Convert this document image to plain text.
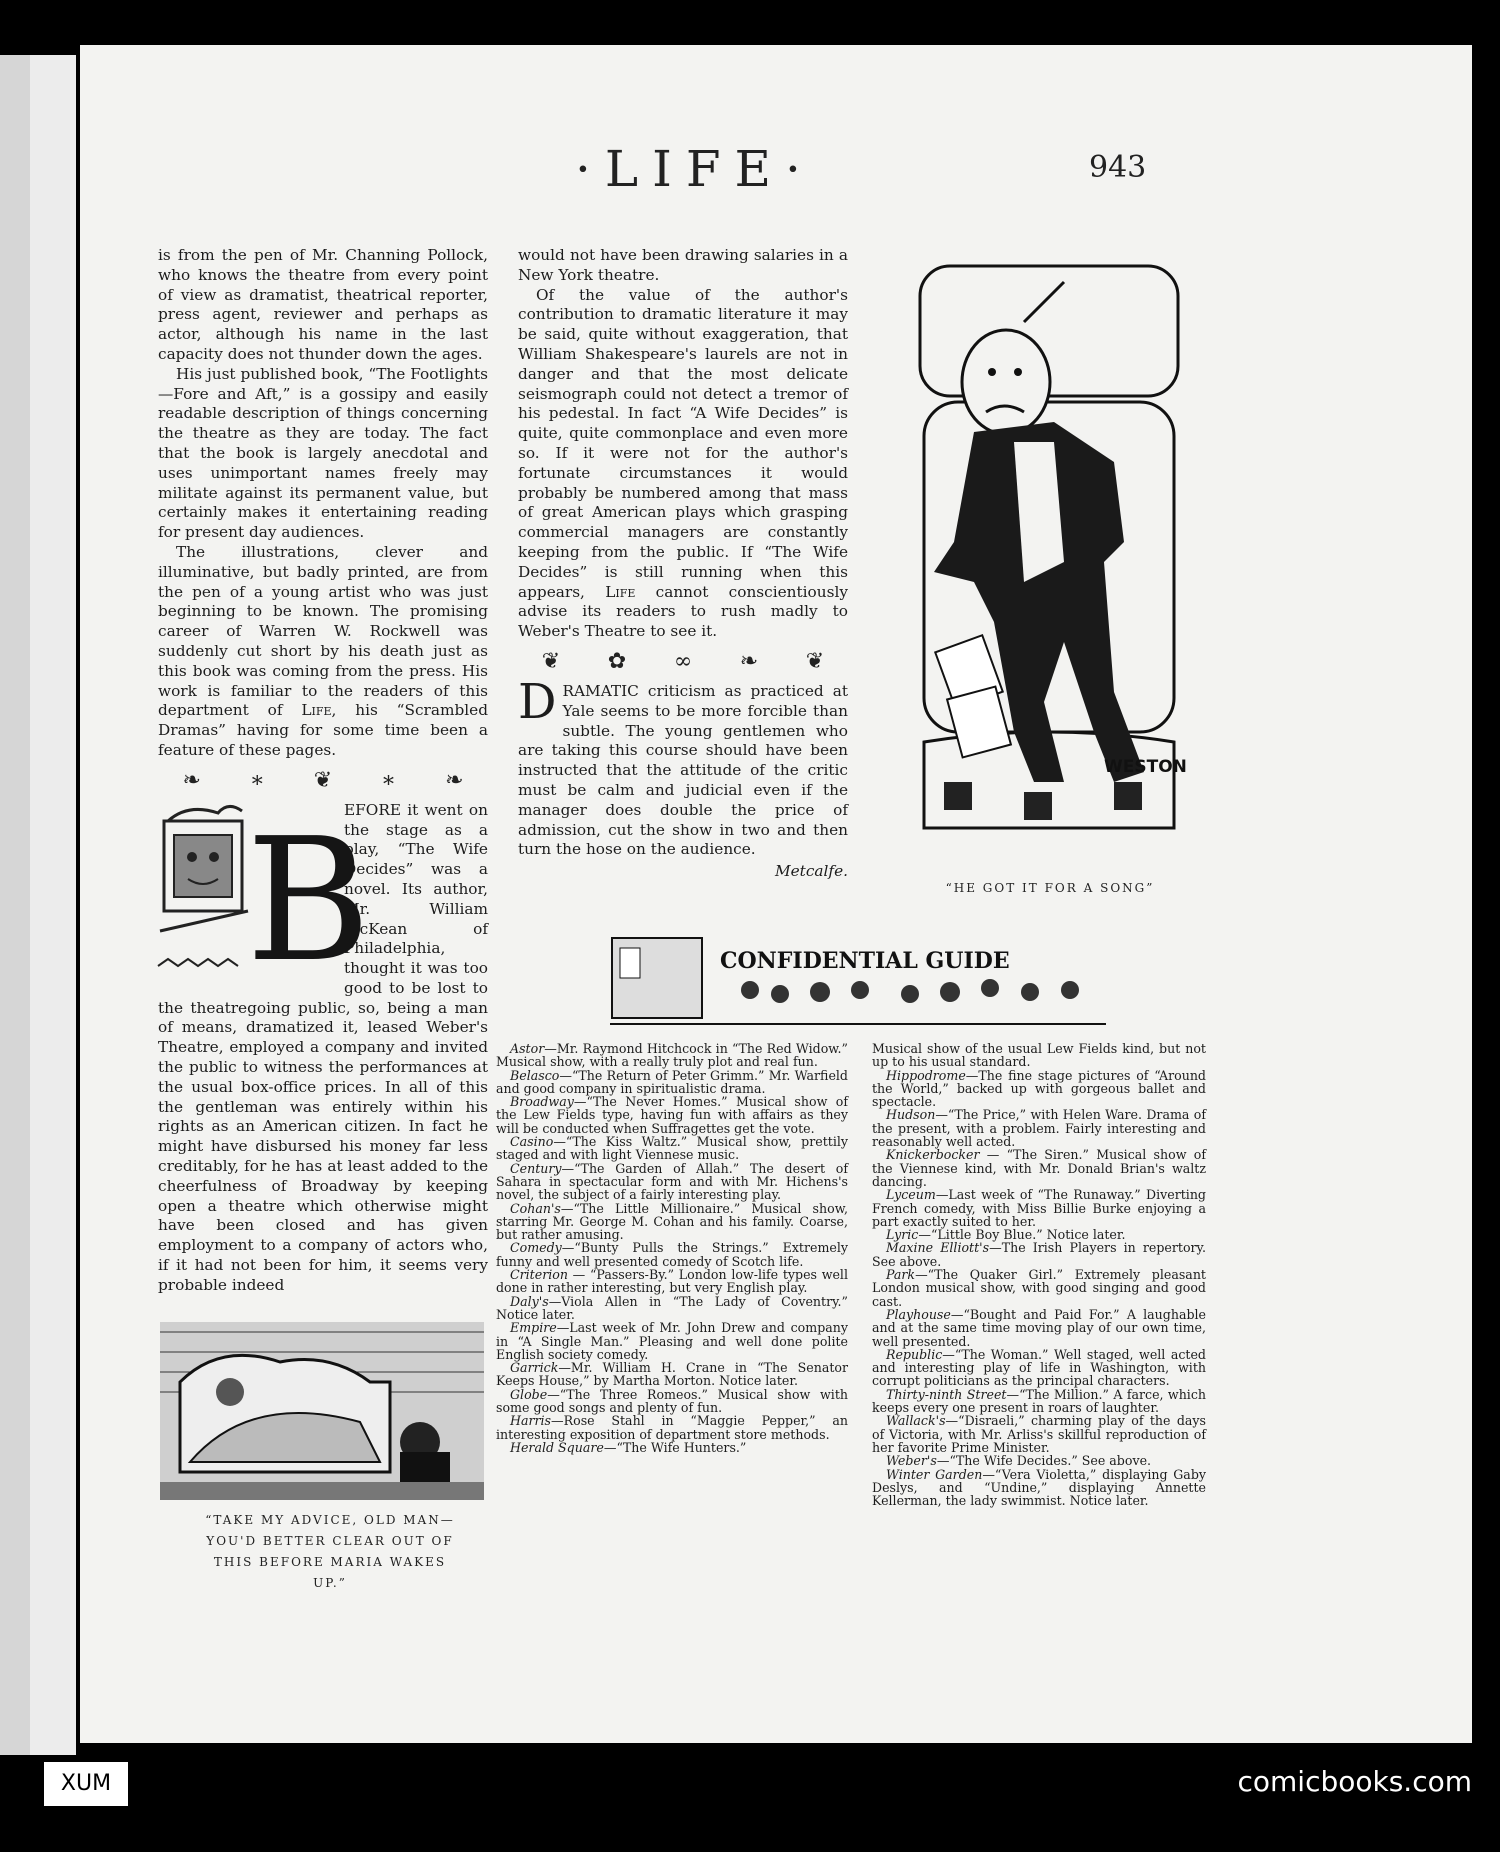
·LIFE·	943

is from the pen of Mr. Channing Pollock, who knows the theatre from every point of view as dramatist, theatrical reporter, press agent, reviewer and perhaps as actor, although his name in the last capacity does not thunder down the ages.

His just published book, “The Footlights—Fore and Aft,” is a gossipy and easily readable description of things concerning the theatre as they are today. The fact that the book is largely anecdotal and uses unimportant names freely may militate against its permanent value, but certainly makes it entertaining reading for present day audiences.

The illustrations, clever and illuminative, but badly printed, are from the pen of a young artist who was just beginning to be known. The promising career of Warren W. Rockwell was suddenly cut short by his death just as this book was coming from the press. His work is familiar to the readers of this department of Life, his “Scrambled Dramas” having for some time been a feature of these pages.

❧ ∗ ❦ ∗ ❧
B

EFORE it went on the stage as a play, “The Wife Decides” was a novel. Its author, Mr. William McKean of Philadelphia, thought it was too good to be lost to the theatregoing public, so, being a man of means, dramatized it, leased Weber's Theatre, employed a company and invited the public to witness the performances at the usual box-office prices. In all of this the gentleman was entirely within his rights as an American citizen. In fact he might have disbursed his money far less creditably, for he has at least added to the cheerfulness of Broadway by keeping open a theatre which otherwise might have been closed and has given employment to a company of actors who, if it had not been for him, it seems very probable indeed

“TAKE MY ADVICE, OLD MAN— YOU'D BETTER CLEAR OUT OF THIS BEFORE MARIA WAKES UP.”

would not have been drawing salaries in a New York theatre.

Of the value of the author's contribution to dramatic literature it may be said, quite without exaggeration, that William Shakespeare's laurels are not in danger and that the most delicate seismograph could not detect a tremor of his pedestal. In fact “A Wife Decides” is quite, quite commonplace and even more so. If it were not for the author's fortunate circumstances it would probably be numbered among that mass of great American plays which grasping commercial managers are constantly keeping from the public. If “The Wife Decides” is still running when this appears, Life cannot conscientiously advise its readers to rush madly to Weber's Theatre to see it.

❦ ✿ ∞ ❧ ❦

DRAMATIC criticism as practiced at Yale seems to be more forcible than subtle. The young gentlemen who are taking this course should have been instructed that the attitude of the critic must be calm and judicial even if the manager does double the price of admission, cut the show in two and then turn the hose on the audience.

Metcalfe.
WESTON
“HE GOT IT FOR A SONG”
CONFIDENTIAL GUIDE

Astor—Mr. Raymond Hitchcock in “The Red Widow.” Musical show, with a really truly plot and real fun.

Belasco—“The Return of Peter Grimm.” Mr. Warfield and good company in spiritualistic drama.

Broadway—“The Never Homes.” Musical show of the Lew Fields type, having fun with affairs as they will be conducted when Suffragettes get the vote.

Casino—“The Kiss Waltz.” Musical show, prettily staged and with light Viennese music.

Century—“The Garden of Allah.” The desert of Sahara in spectacular form and with Mr. Hichens's novel, the subject of a fairly interesting play.

Cohan's—“The Little Millionaire.” Musical show, starring Mr. George M. Cohan and his family. Coarse, but rather amusing.

Comedy—“Bunty Pulls the Strings.” Extremely funny and well presented comedy of Scotch life.

Criterion — “Passers-By.” London low-life types well done in rather interesting, but very English play.

Daly's—Viola Allen in “The Lady of Coventry.” Notice later.

Empire—Last week of Mr. John Drew and company in “A Single Man.” Pleasing and well done polite English society comedy.

Garrick—Mr. William H. Crane in “The Senator Keeps House,” by Martha Morton. Notice later.

Globe—“The Three Romeos.” Musical show with some good songs and plenty of fun.

Harris—Rose Stahl in “Maggie Pepper,” an interesting exposition of department store methods.

Herald Square—“The Wife Hunters.”

Musical show of the usual Lew Fields kind, but not up to his usual standard.

Hippodrome—The fine stage pictures of “Around the World,” backed up with gorgeous ballet and spectacle.

Hudson—“The Price,” with Helen Ware. Drama of the present, with a problem. Fairly interesting and reasonably well acted.

Knickerbocker — “The Siren.” Musical show of the Viennese kind, with Mr. Donald Brian's waltz dancing.

Lyceum—Last week of “The Runaway.” Diverting French comedy, with Miss Billie Burke enjoying a part exactly suited to her.

Lyric—“Little Boy Blue.” Notice later.

Maxine Elliott's—The Irish Players in repertory. See above.

Park—“The Quaker Girl.” Extremely pleasant London musical show, with good singing and good cast.

Playhouse—“Bought and Paid For.” A laughable and at the same time moving play of our own time, well presented.

Republic—“The Woman.” Well staged, well acted and interesting play of life in Washington, with corrupt politicians as the principal characters.

Thirty-ninth Street—“The Million.” A farce, which keeps every one present in roars of laughter.

Wallack's—“Disraeli,” charming play of the days of Victoria, with Mr. Arliss's skillful reproduction of her favorite Prime Minister.

Weber's—“The Wife Decides.” See above.

Winter Garden—“Vera Violetta,” displaying Gaby Deslys, and “Undine,” displaying Annette Kellerman, the lady swimmist. Notice later.

XUM	comicbooks.com
